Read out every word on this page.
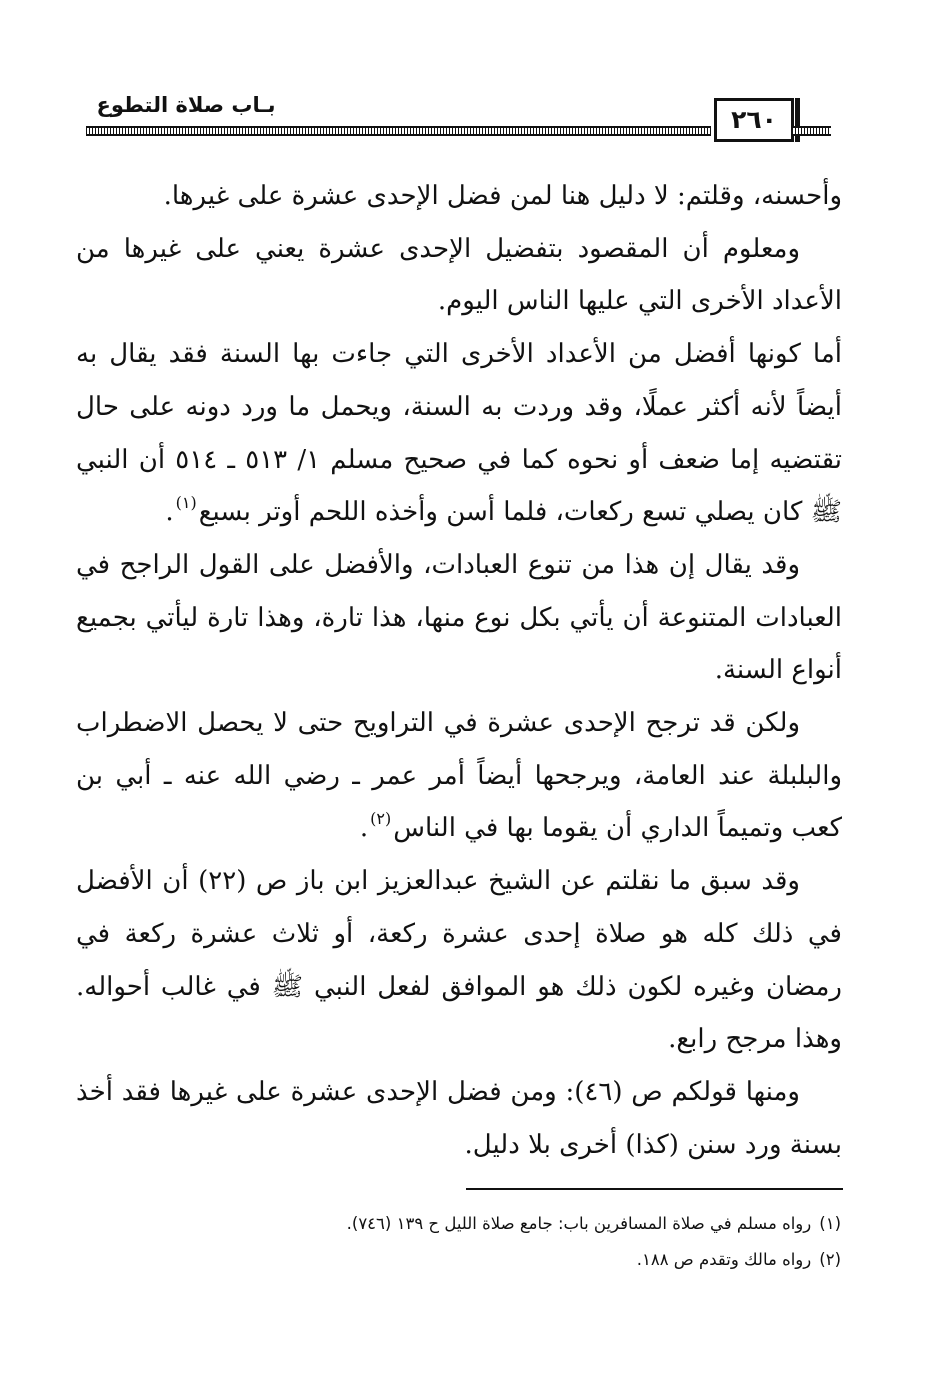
بـاب صلاة التطوع	٢٦٠

وأحسنه، وقلتم: لا دليل هنا لمن فضل الإحدى عشرة على غيرها.

ومعلوم أن المقصود بتفضيل الإحدى عشرة يعني على غيرها من الأعداد الأخرى التي عليها الناس اليوم.

أما كونها أفضل من الأعداد الأخرى التي جاءت بها السنة فقد يقال به أيضاً لأنه أكثر عملًا، وقد وردت به السنة، ويحمل ما ورد دونه على حال تقتضيه إما ضعف أو نحوه كما في صحيح مسلم ١/ ٥١٣ ـ ٥١٤ أن النبي ﷺ كان يصلي تسع ركعات، فلما أسن وأخذه اللحم أوتر بسبع$^{(١)}$.

وقد يقال إن هذا من تنوع العبادات، والأفضل على القول الراجح في العبادات المتنوعة أن يأتي بكل نوع منها، هذا تارة، وهذا تارة ليأتي بجميع أنواع السنة.

ولكن قد ترجح الإحدى عشرة في التراويح حتى لا يحصل الاضطراب والبلبلة عند العامة، ويرجحها أيضاً أمر عمر ـ رضي الله عنه ـ أبي بن كعب وتميماً الداري أن يقوما بها في الناس$^{(٢)}$.

وقد سبق ما نقلتم عن الشيخ عبدالعزيز ابن باز ص (٢٢) أن الأفضل في ذلك كله هو صلاة إحدى عشرة ركعة، أو ثلاث عشرة ركعة في رمضان وغيره لكون ذلك هو الموافق لفعل النبي ﷺ في غالب أحواله. وهذا مرجح رابع.

ومنها قولكم ص (٤٦): ومن فضل الإحدى عشرة على غيرها فقد أخذ بسنة ورد سنن (كذا) أخرى بلا دليل.

(١)رواه مسلم في صلاة المسافرين باب: جامع صلاة الليل ح ١٣٩ (٧٤٦).

(٢)رواه مالك وتقدم ص ١٨٨.
